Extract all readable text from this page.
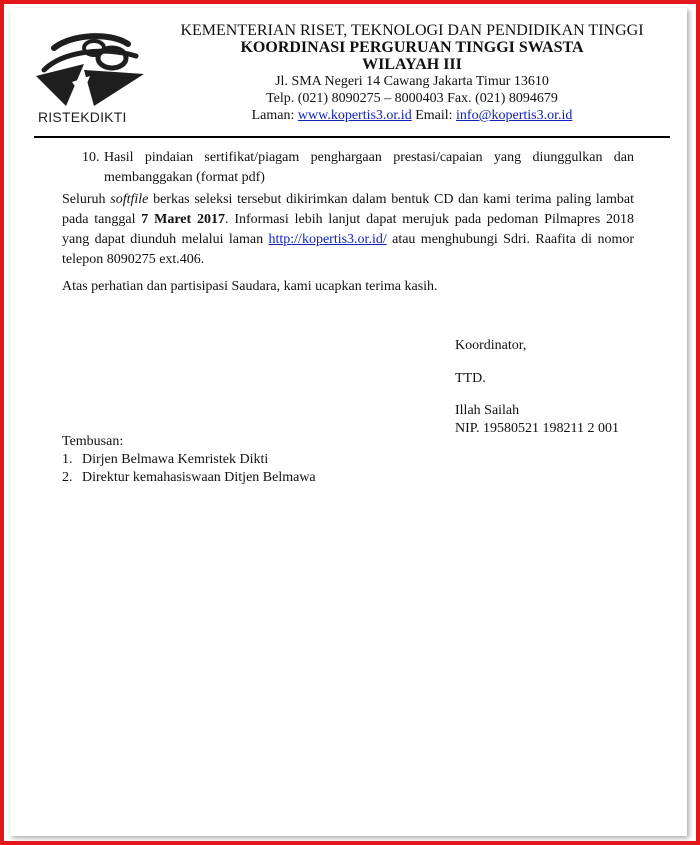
RISTEKDIKTI
KEMENTERIAN RISET, TEKNOLOGI DAN PENDIDIKAN TINGGI
KOORDINASI PERGURUAN TINGGI SWASTA
WILAYAH III
Jl. SMA Negeri 14 Cawang Jakarta Timur 13610
Telp. (021) 8090275 – 8000403 Fax. (021) 8094679
Laman: www.kopertis3.or.id Email: info@kopertis3.or.id
10. Hasil pindaian sertifikat/piagam penghargaan prestasi/capaian yang diunggulkan dan membanggakan (format pdf)
Seluruh softfile berkas seleksi tersebut dikirimkan dalam bentuk CD dan kami terima paling lambat pada tanggal 7 Maret 2017. Informasi lebih lanjut dapat merujuk pada pedoman Pilmapres 2018 yang dapat diunduh melalui laman http://kopertis3.or.id/ atau menghubungi Sdri. Raafita di nomor telepon 8090275 ext.406.
Atas perhatian dan partisipasi Saudara, kami ucapkan terima kasih.
Koordinator,
TTD.
Illah Sailah
NIP. 19580521 198211 2 001
Tembusan:
1. Dirjen Belmawa Kemristek Dikti
2. Direktur kemahasiswaan Ditjen Belmawa
